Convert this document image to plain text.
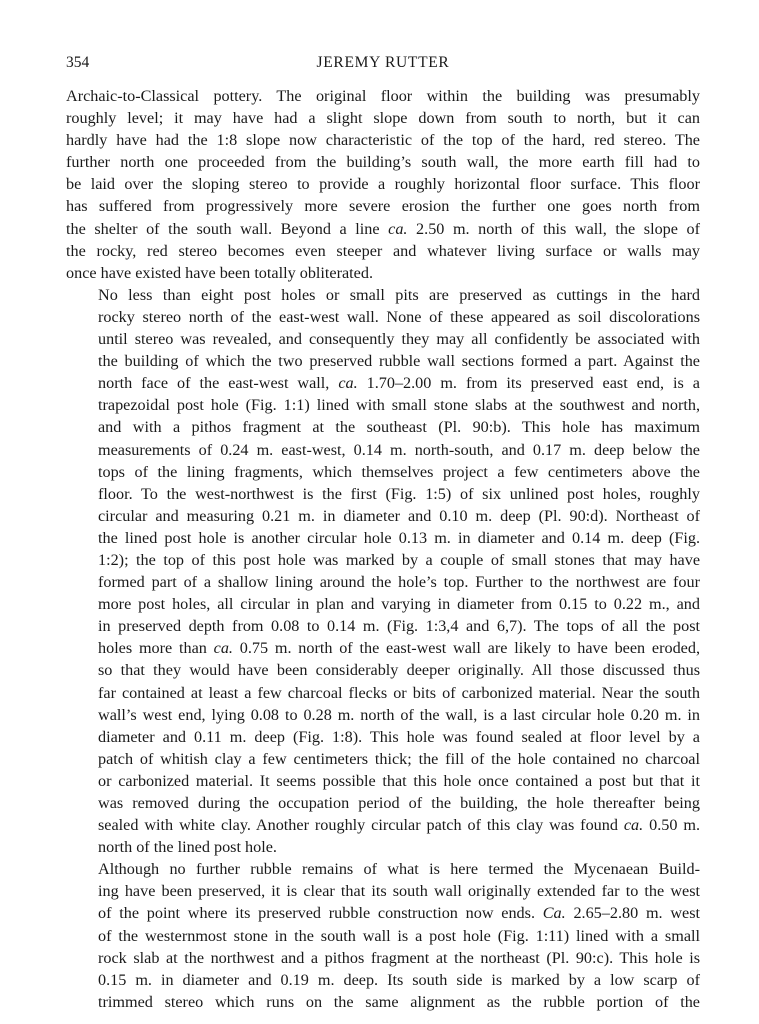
354	JEREMY RUTTER

Archaic-to-Classical pottery. The original floor within the building was presumably
roughly level; it may have had a slight slope down from south to north, but it can
hardly have had the 1:8 slope now characteristic of the top of the hard, red stereo. The
further north one proceeded from the building’s south wall, the more earth fill had to
be laid over the sloping stereo to provide a roughly horizontal floor surface. This floor
has suffered from progressively more severe erosion the further one goes north from
the shelter of the south wall. Beyond a line ca. 2.50 m. north of this wall, the slope of
the rocky, red stereo becomes even steeper and whatever living surface or walls may
once have existed have been totally obliterated.

No less than eight post holes or small pits are preserved as cuttings in the hard
rocky stereo north of the east-west wall. None of these appeared as soil discolorations
until stereo was revealed, and consequently they may all confidently be associated with
the building of which the two preserved rubble wall sections formed a part. Against the
north face of the east-west wall, ca. 1.70–2.00 m. from its preserved east end, is a
trapezoidal post hole (Fig. 1:1) lined with small stone slabs at the southwest and north,
and with a pithos fragment at the southeast (Pl. 90:b). This hole has maximum
measurements of 0.24 m. east-west, 0.14 m. north-south, and 0.17 m. deep below the
tops of the lining fragments, which themselves project a few centimeters above the
floor. To the west-northwest is the first (Fig. 1:5) of six unlined post holes, roughly
circular and measuring 0.21 m. in diameter and 0.10 m. deep (Pl. 90:d). Northeast of
the lined post hole is another circular hole 0.13 m. in diameter and 0.14 m. deep (Fig.
1:2); the top of this post hole was marked by a couple of small stones that may have
formed part of a shallow lining around the hole’s top. Further to the northwest are four
more post holes, all circular in plan and varying in diameter from 0.15 to 0.22 m., and
in preserved depth from 0.08 to 0.14 m. (Fig. 1:3,4 and 6,7). The tops of all the post
holes more than ca. 0.75 m. north of the east-west wall are likely to have been eroded,
so that they would have been considerably deeper originally. All those discussed thus
far contained at least a few charcoal flecks or bits of carbonized material. Near the south
wall’s west end, lying 0.08 to 0.28 m. north of the wall, is a last circular hole 0.20 m. in
diameter and 0.11 m. deep (Fig. 1:8). This hole was found sealed at floor level by a
patch of whitish clay a few centimeters thick; the fill of the hole contained no charcoal
or carbonized material. It seems possible that this hole once contained a post but that it
was removed during the occupation period of the building, the hole thereafter being
sealed with white clay. Another roughly circular patch of this clay was found ca. 0.50 m.
north of the lined post hole.

Although no further rubble remains of what is here termed the Mycenaean Build-
ing have been preserved, it is clear that its south wall originally extended far to the west
of the point where its preserved rubble construction now ends. Ca. 2.65–2.80 m. west
of the westernmost stone in the south wall is a post hole (Fig. 1:11) lined with a small
rock slab at the northwest and a pithos fragment at the northeast (Pl. 90:c). This hole is
0.15 m. in diameter and 0.19 m. deep. Its south side is marked by a low scarp of
trimmed stereo which runs on the same alignment as the rubble portion of the
